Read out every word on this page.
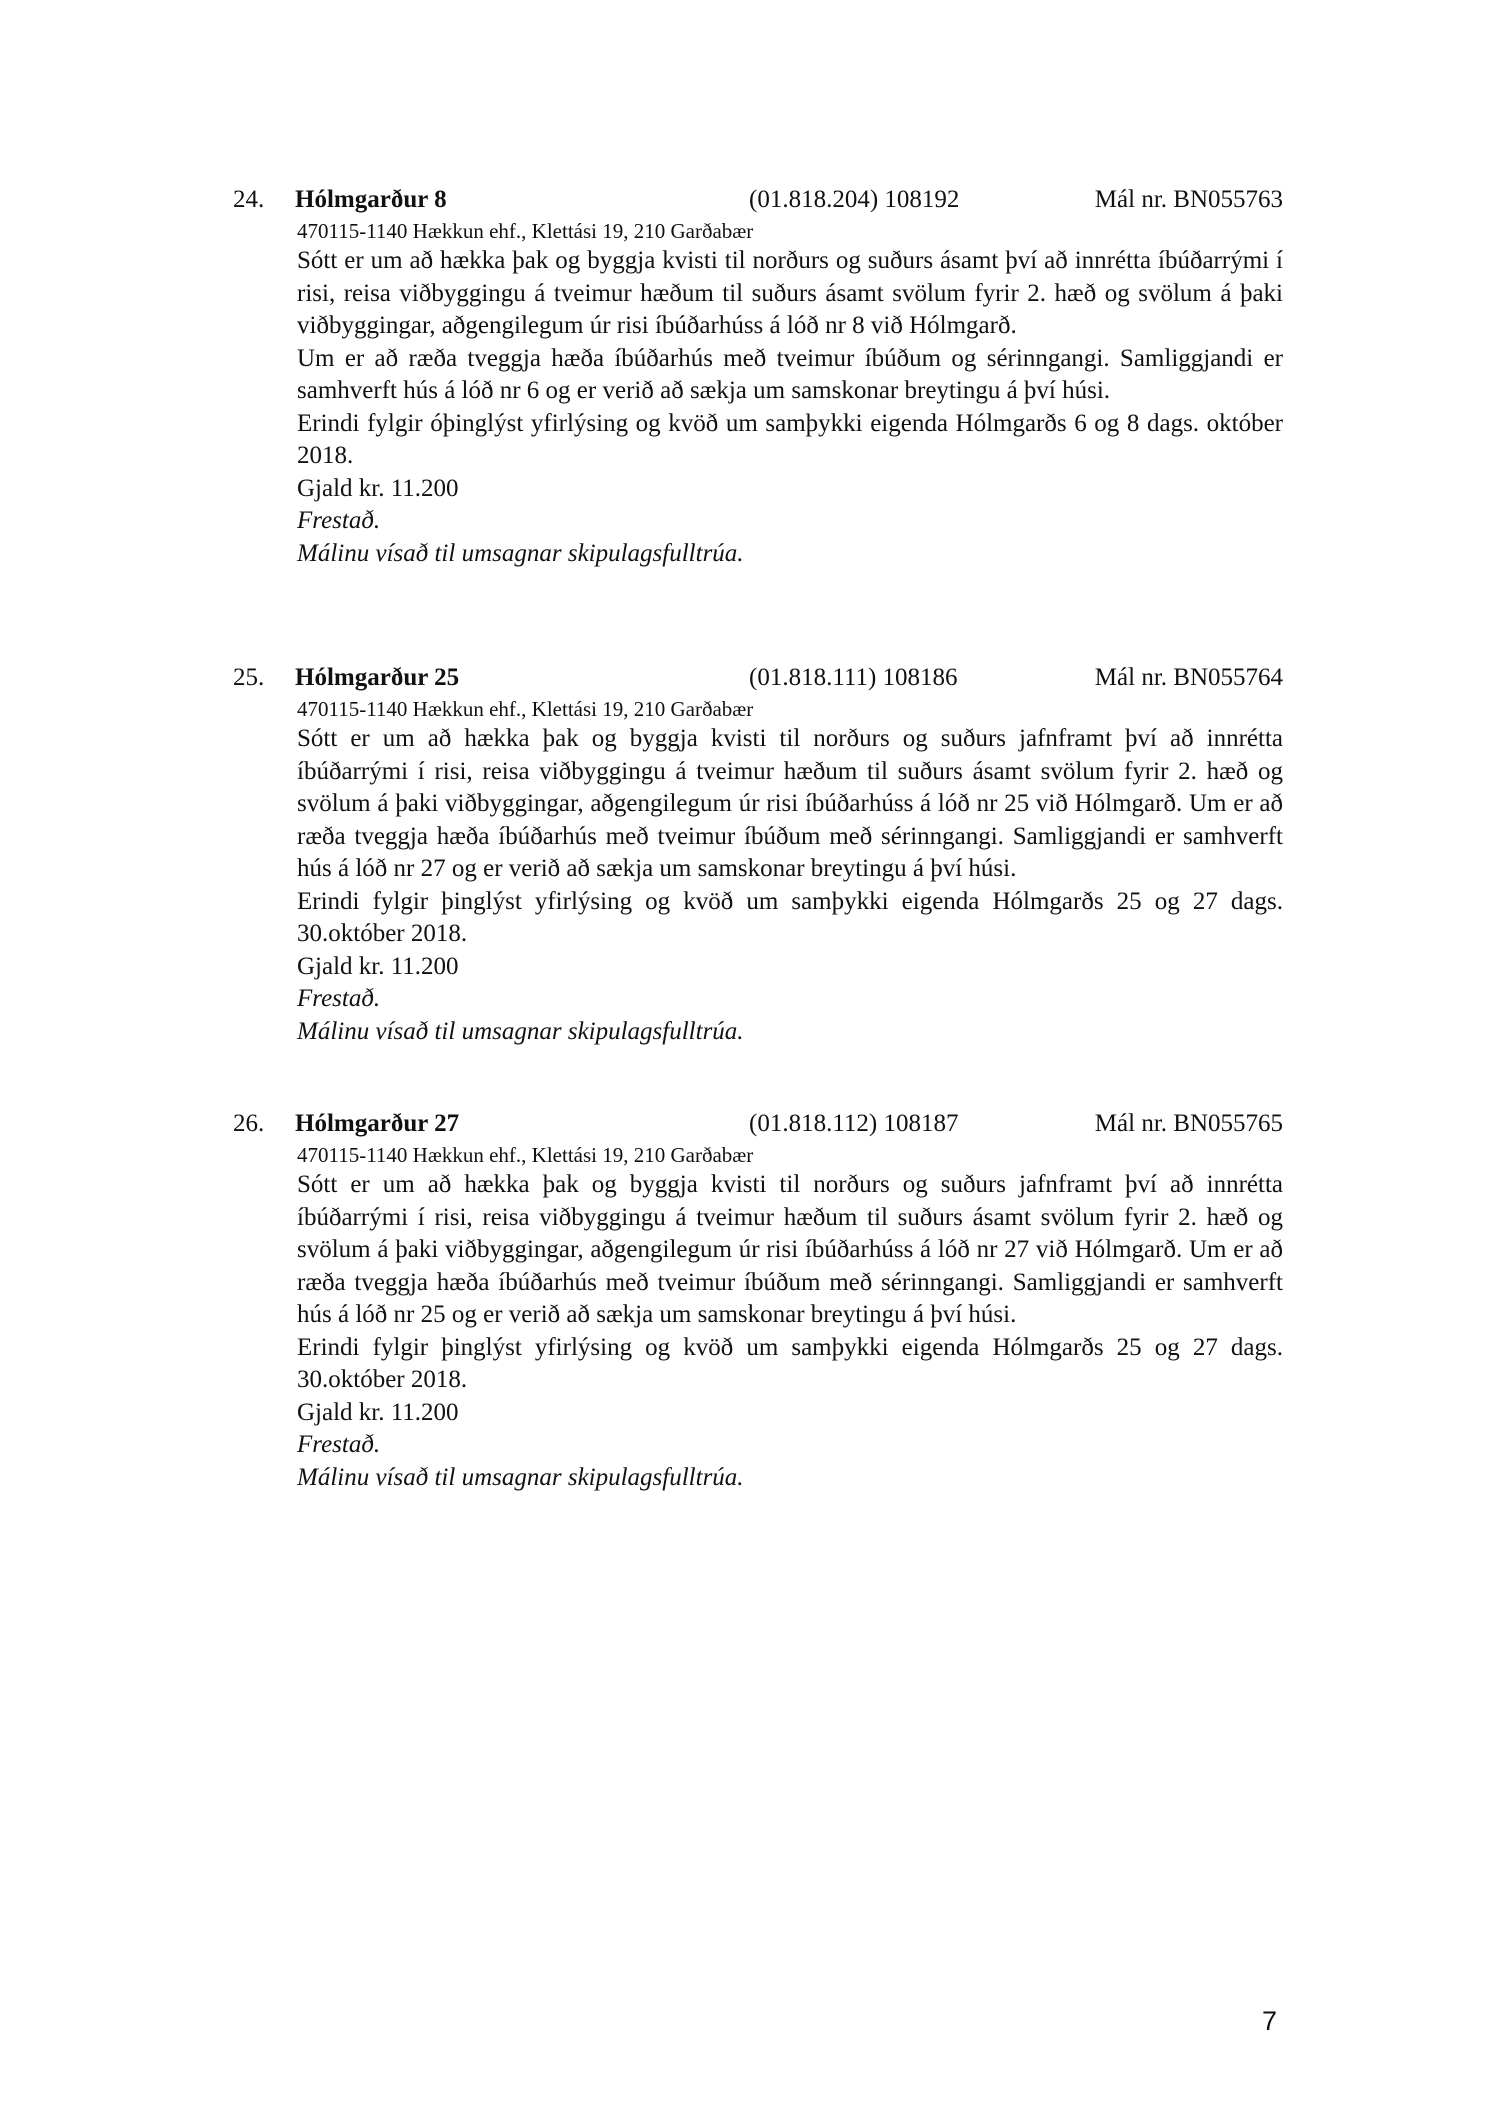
24. Hólmgarður 8	(01.818.204) 108192	Mál nr. BN055763
470115-1140 Hækkun ehf., Klettási 19, 210 Garðabær

Sótt er um að hækka þak og byggja kvisti til norðurs og suðurs ásamt því að innrétta íbúðarrými í risi, reisa viðbyggingu á tveimur hæðum til suðurs ásamt svölum fyrir 2. hæð og svölum á þaki viðbyggingar, aðgengilegum úr risi íbúðarhúss á lóð nr 8 við Hólmgarð.

Um er að ræða tveggja hæða íbúðarhús með tveimur íbúðum og sérinngangi. Samliggjandi er samhverft hús á lóð nr 6 og er verið að sækja um samskonar breytingu á því húsi.

Erindi fylgir óþinglýst yfirlýsing og kvöð um samþykki eigenda Hólmgarðs 6 og 8 dags. október 2018.

Gjald kr. 11.200
Frestað.
Málinu vísað til umsagnar skipulagsfulltrúa.
25. Hólmgarður 25	(01.818.111) 108186	Mál nr. BN055764
470115-1140 Hækkun ehf., Klettási 19, 210 Garðabær

Sótt er um að hækka þak og byggja kvisti til norðurs og suðurs jafnframt því að innrétta íbúðarrými í risi, reisa viðbyggingu á tveimur hæðum til suðurs ásamt svölum fyrir 2. hæð og svölum á þaki viðbyggingar, aðgengilegum úr risi íbúðarhúss á lóð nr 25 við Hólmgarð. Um er að ræða tveggja hæða íbúðarhús með tveimur íbúðum með sérinngangi. Samliggjandi er samhverft hús á lóð nr 27 og er verið að sækja um samskonar breytingu á því húsi.

Erindi fylgir þinglýst yfirlýsing og kvöð um samþykki eigenda Hólmgarðs 25 og 27 dags. 30.október 2018.

Gjald kr. 11.200
Frestað.
Málinu vísað til umsagnar skipulagsfulltrúa.
26. Hólmgarður 27	(01.818.112) 108187	Mál nr. BN055765
470115-1140 Hækkun ehf., Klettási 19, 210 Garðabær

Sótt er um að hækka þak og byggja kvisti til norðurs og suðurs jafnframt því að innrétta íbúðarrými í risi, reisa viðbyggingu á tveimur hæðum til suðurs ásamt svölum fyrir 2. hæð og svölum á þaki viðbyggingar, aðgengilegum úr risi íbúðarhúss á lóð nr 27 við Hólmgarð. Um er að ræða tveggja hæða íbúðarhús með tveimur íbúðum með sérinngangi. Samliggjandi er samhverft hús á lóð nr 25 og er verið að sækja um samskonar breytingu á því húsi.

Erindi fylgir þinglýst yfirlýsing og kvöð um samþykki eigenda Hólmgarðs 25 og 27 dags. 30.október 2018.

Gjald kr. 11.200
Frestað.
Málinu vísað til umsagnar skipulagsfulltrúa.
7
